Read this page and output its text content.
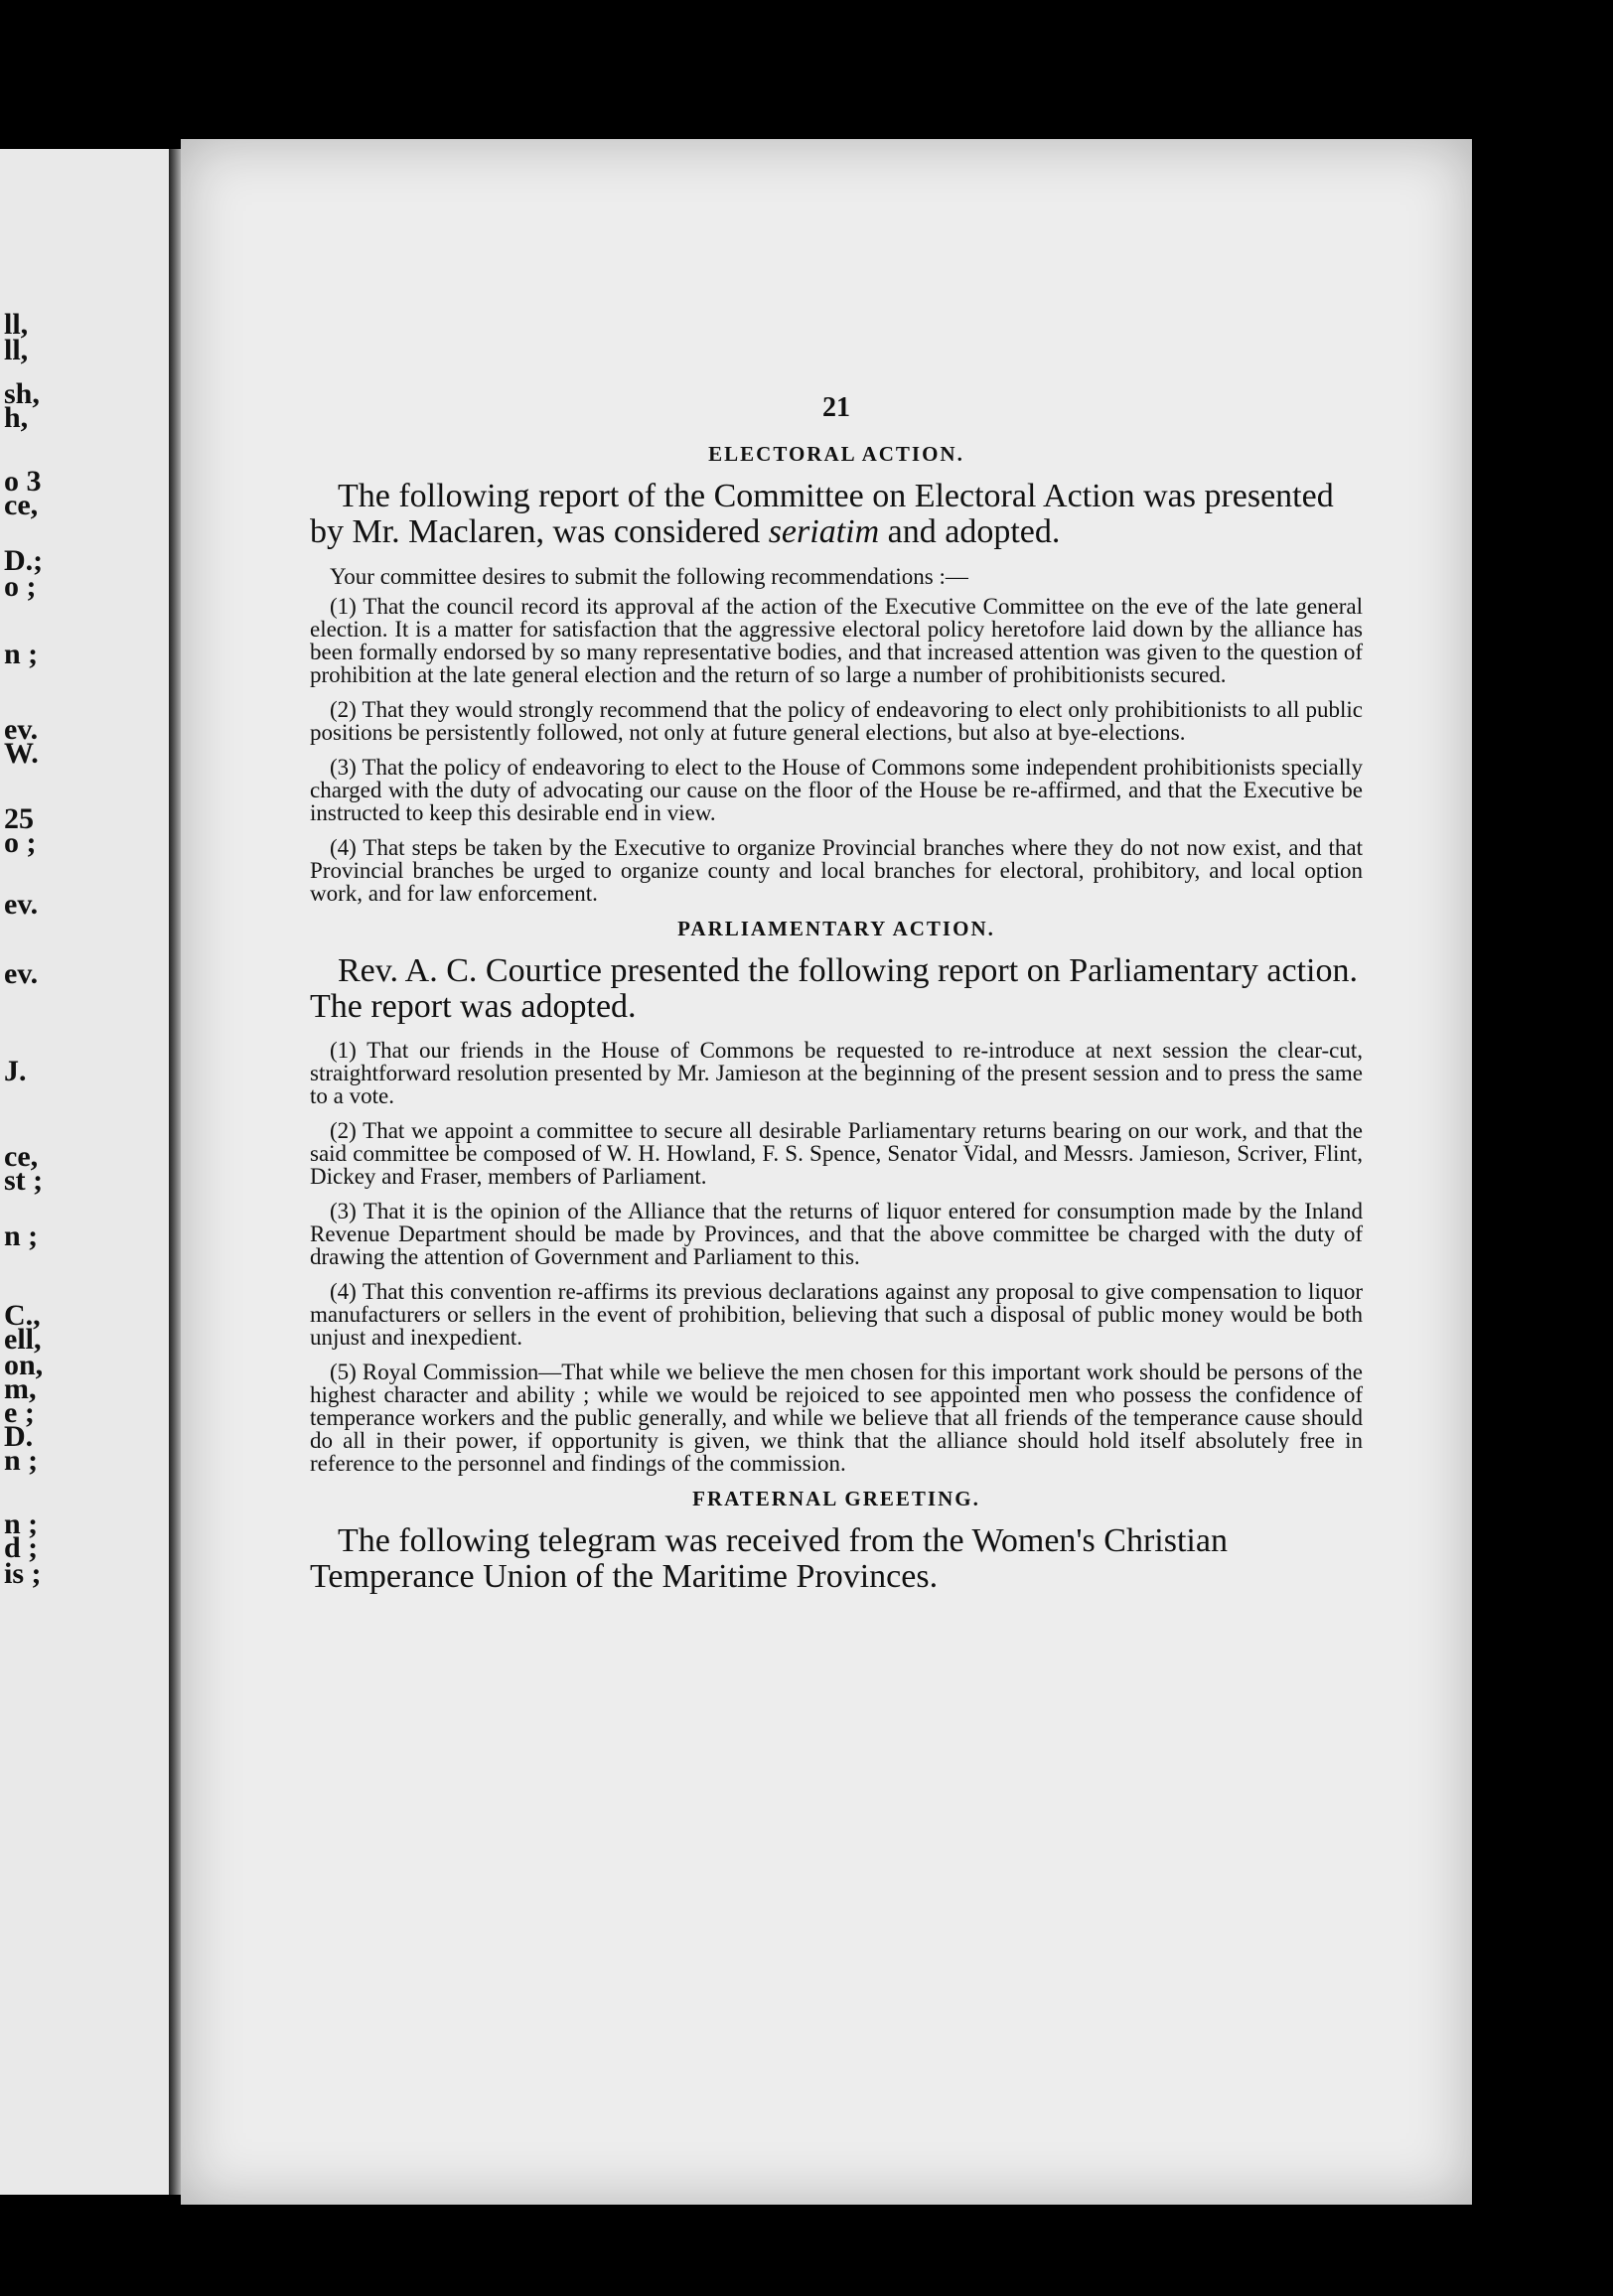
ll,
ll,
sh,
h,
o 3
ce,
D.;
o ;
n ;
ev.
W.
25
o ;
ev.
ev.
J.
ce,
st ;
n ;
C.,
ell,
on,
m,
e ;
D.
n ;
n ;
d ;
is ;
21
ELECTORAL ACTION.

The following report of the Committee on Electoral Action was presented by Mr. Maclaren, was considered seriatim and adopted.

Your committee desires to submit the following recommendations :—

(1) That the council record its approval af the action of the Executive Committee on the eve of the late general election. It is a matter for satisfaction that the aggressive electoral policy heretofore laid down by the alliance has been formally endorsed by so many representative bodies, and that increased attention was given to the question of prohibition at the late general election and the return of so large a number of prohibitionists secured.

(2) That they would strongly recommend that the policy of endeavoring to elect only prohibitionists to all public positions be persistently followed, not only at future general elections, but also at bye-elections.

(3) That the policy of endeavoring to elect to the House of Commons some independent prohibitionists specially charged with the duty of advocating our cause on the floor of the House be re-affirmed, and that the Executive be instructed to keep this desirable end in view.

(4) That steps be taken by the Executive to organize Provincial branches where they do not now exist, and that Provincial branches be urged to organize county and local branches for electoral, prohibitory, and local option work, and for law enforcement.

PARLIAMENTARY ACTION.

Rev. A. C. Courtice presented the following report on Parliamentary action. The report was adopted.

(1) That our friends in the House of Commons be requested to re-introduce at next session the clear-cut, straightforward resolution presented by Mr. Jamieson at the beginning of the present session and to press the same to a vote.

(2) That we appoint a committee to secure all desirable Parliamentary returns bearing on our work, and that the said committee be composed of W. H. Howland, F. S. Spence, Senator Vidal, and Messrs. Jamieson, Scriver, Flint, Dickey and Fraser, members of Parliament.

(3) That it is the opinion of the Alliance that the returns of liquor entered for consumption made by the Inland Revenue Department should be made by Provinces, and that the above committee be charged with the duty of drawing the attention of Government and Parliament to this.

(4) That this convention re-affirms its previous declarations against any proposal to give compensation to liquor manufacturers or sellers in the event of prohibition, believing that such a disposal of public money would be both unjust and inexpedient.

(5) Royal Commission—That while we believe the men chosen for this important work should be persons of the highest character and ability ; while we would be rejoiced to see appointed men who possess the confidence of temperance workers and the public generally, and while we believe that all friends of the temperance cause should do all in their power, if opportunity is given, we think that the alliance should hold itself absolutely free in reference to the personnel and findings of the commission.

FRATERNAL GREETING.

The following telegram was received from the Women's Christian Temperance Union of the Maritime Provinces.
